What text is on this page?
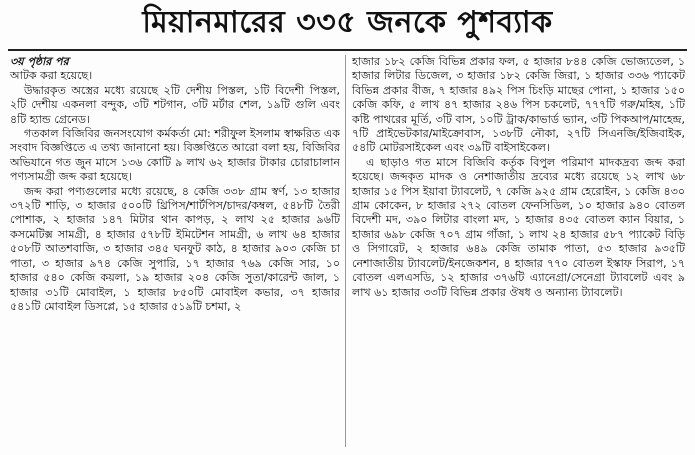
মিয়ানমারের ৩৩৫ জনকে পুশব্যাক

৩য় পৃষ্ঠার পর

আটক করা হয়েছে।

উদ্ধারকৃত অস্ত্রের মধ্যে রয়েছে ২টি দেশীয় পিস্তল, ১টি বিদেশী পিস্তল, ২টি দেশীয় একনলা বন্দুক, ৩টি শটগান, ৩টি মর্টার শেল, ১৯টি গুলি এবং ৪টি হ্যান্ড গ্রেনেড।

গতকাল বিজিবির জনসংযোগ কর্মকর্তা মো: শরীফুল ইসলাম স্বাক্ষরিত এক সংবাদ বিজ্ঞপ্তিতে এ তথ্য জানানো হয়। বিজ্ঞপ্তিতে আরো বলা হয়, বিজিবির অভিযানে গত জুন মাসে ১৩৬ কোটি ৯ লাখ ৬২ হাজার টাকার চোরাচালান পণ্যসামগ্রী জব্দ করা হয়েছে।

জব্দ করা পণ্যগুলোর মধ্যে রয়েছে, ৪ কেজি ৩৩৮ গ্রাম স্বর্ণ, ১৩ হাজার ৩৭২টি শাড়ি, ৩ হাজার ৫০০টি থ্রিপিস/শার্টপিস/চাদর/কম্বল, ৫৪৮টি তৈরী পোশাক, ২ হাজার ১৪৭ মিটার থান কাপড়, ২ লাখ ২৫ হাজার ৯৬টি কসমেটিক্স সামগ্রী, ৪ হাজার ৫৭৮টি ইমিটেশন সামগ্রী, ৬ লাখ ৬৪ হাজার ৫০৮টি আতশবাজি, ৩ হাজার ৩৪৫ ঘনফুট কাঠ, ৪ হাজার ৯০৩ কেজি চা পাতা, ৩ হাজার ৯৭৪ কেজি সুপারি, ১৭ হাজার ৭৬৯ কেজি সার, ১০ হাজার ৫৪০ কেজি কয়লা, ১৯ হাজার ২০৪ কেজি সুতা/কারেন্ট জাল, ১ হাজার ৩১টি মোবাইল, ১ হাজার ৮৫০টি মোবাইল কভার, ৩৭ হাজার ৫৪১টি মোবাইল ডিসপ্লে, ১৫ হাজার ৫১৯টি চশমা, ২

হাজার ১৮২ কেজি বিভিন্ন প্রকার ফল, ৫ হাজার ৮৪৪ কেজি ভোজ্যতেল, ১ হাজার লিটার ডিজেল, ৩ হাজার ১৮২ কেজি জিরা, ১ হাজার ৩৩৬ প্যাকেট বিভিন্ন প্রকার বীজ, ৭ হাজার ৪৯২ পিস চিংড়ি মাছের পোনা, ১ হাজার ১৫০ কেজি কফি, ৫ লাখ ৪৭ হাজার ২৪৬ পিস চকলেট, ৭৭৭টি গরু/মহিষ, ১টি কষ্টি পাথরের মূর্তি, ৩টি বাস, ১০টি ট্রাক/কাভার্ড ভ্যান, ৩টি পিকআপ/মাহেন্দ্র, ৭টি প্রাইভেটকার/মাইক্রোবাস, ১৩৮টি নৌকা, ২৭টি সিএনজি/ইজিবাইক, ৫৪টি মোটরসাইকেল এবং ৩৯টি বাইসাইকেল।

এ ছাড়াও গত মাসে বিজিবি কর্তৃক বিপুল পরিমাণ মাদকদ্রব্য জব্দ করা হয়েছে। জব্দকৃত মাদক ও নেশাজাতীয় দ্রব্যের মধ্যে রয়েছে ১২ লাখ ৬৮ হাজার ১৫ পিস ইয়াবা ট্যাবলেট, ৭ কেজি ৯২৫ গ্রাম হেরোইন, ১ কেজি ৪৩০ গ্রাম কোকেন, ৮ হাজার ২৭২ বোতল ফেনসিডিল, ১০ হাজার ৯৪০ বোতল বিদেশী মদ, ৩৯০ লিটার বাংলা মদ, ১ হাজার ৪৩৫ বোতল ক্যান বিয়ার, ১ হাজার ৬৯৮ কেজি ৭০৭ গ্রাম গাঁজা, ১ লাখ ২৪ হাজার ৫৮৭ প্যাকেট বিড়ি ও সিগারেট, ২ হাজার ৬৪৯ কেজি তামাক পাতা, ৫৩ হাজার ৯৩৫টি নেশাজাতীয় ট্যাবলেট/ইনজেকশন, ৪ হাজার ৭৭০ বোতল ইস্কাফ সিরাপ, ১৭ বোতল এলএসডি, ১২ হাজার ৩৭৬টি এ্যানেগ্রা/সেনেগ্রা ট্যাবলেট এবং ৯ লাখ ৬১ হাজার ৩৩টি বিভিন্ন প্রকার ঔষধ ও অন্যান্য ট্যাবলেট।
